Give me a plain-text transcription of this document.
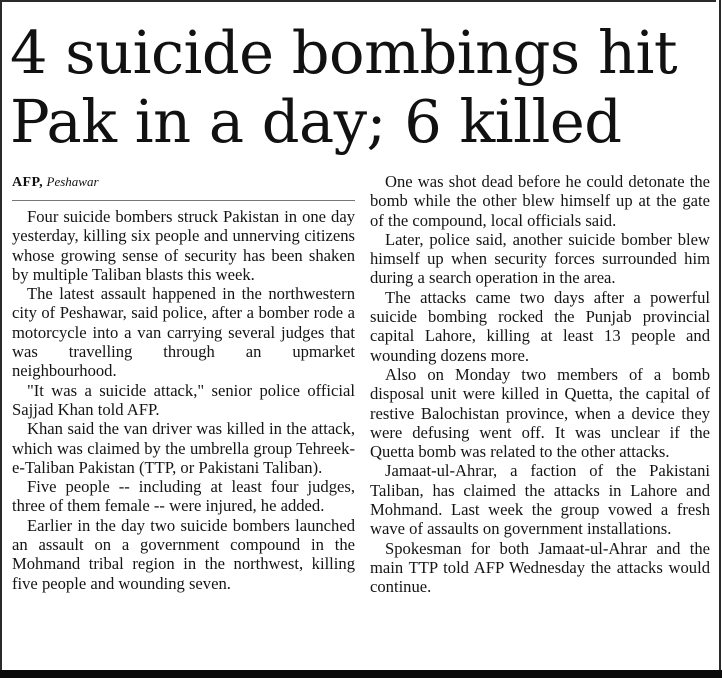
4 suicide bombings hit
Pak in a day; 6 killed
AFP, Peshawar

Four suicide bombers struck Pakistan in one day yesterday, killing six people and unnerving citizens whose growing sense of security has been shaken by multiple Taliban blasts this week.

The latest assault happened in the northwestern city of Peshawar, said police, after a bomber rode a motorcycle into a van carrying several judges that was travelling through an upmarket neighbourhood.

"It was a suicide attack," senior police official Sajjad Khan told AFP.

Khan said the van driver was killed in the attack, which was claimed by the umbrella group Tehreek-e-Taliban Pakistan (TTP, or Pakistani Taliban).

Five people -- including at least four judges, three of them female -- were injured, he added.

Earlier in the day two suicide bombers launched an assault on a government compound in the Mohmand tribal region in the northwest, killing five people and wounding seven.

One was shot dead before he could detonate the bomb while the other blew himself up at the gate of the compound, local officials said.

Later, police said, another suicide bomber blew himself up when security forces surrounded him during a search operation in the area.

The attacks came two days after a powerful suicide bombing rocked the Punjab provincial capital Lahore, killing at least 13 people and wounding dozens more.

Also on Monday two members of a bomb disposal unit were killed in Quetta, the capital of restive Balochistan province, when a device they were defusing went off. It was unclear if the Quetta bomb was related to the other attacks.

Jamaat-ul-Ahrar, a faction of the Pakistani Taliban, has claimed the attacks in Lahore and Mohmand. Last week the group vowed a fresh wave of assaults on government installations.

Spokesman for both Jamaat-ul-Ahrar and the main TTP told AFP Wednesday the attacks would continue.
